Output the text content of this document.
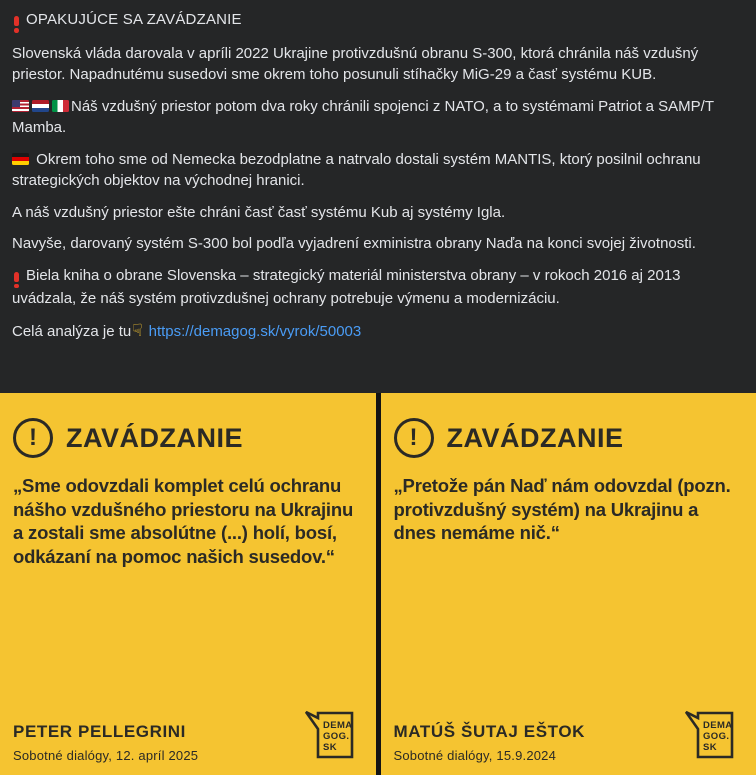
OPAKUJÚCE SA ZAVÁDZANIE

Slovenská vláda darovala v apríli 2022 Ukrajine protivzdušnú obranu S-300, ktorá chránila náš vzdušný priestor. Napadnutému susedovi sme okrem toho posunuli stíhačky MiG-29 a časť systému KUB.

Náš vzdušný priestor potom dva roky chránili spojenci z NATO, a to systémami Patriot a SAMP/T Mamba.

Okrem toho sme od Nemecka bezodplatne a natrvalo dostali systém MANTIS, ktorý posilnil ochranu strategických objektov na východnej hranici.

A náš vzdušný priestor ešte chráni časť časť systému Kub aj systémy Igla.

Navyše, darovaný systém S-300 bol podľa vyjadrení exministra obrany Naďa na konci svojej životnosti.

Biela kniha o obrane Slovenska – strategický materiál ministerstva obrany – v rokoch 2016 aj 2013 uvádzala, že náš systém protivzdušnej ochrany potrebuje výmenu a modernizáciu.

Celá analýza je tu☟ https://demagog.sk/vyrok/50003

!	ZAVÁDZANIE

„Sme odovzdali komplet celú ochranu nášho vzdušného priestoru na Ukrajinu a zostali sme absolútne (...) holí, bosí, odkázaní na pomoc našich susedov.“

PETER PELLEGRINI
Sobotné dialógy, 12. apríl 2025
DEMA
GOG.
SK
!	ZAVÁDZANIE

„Pretože pán Naď nám odovzdal (pozn. protivzdušný systém) na Ukrajinu a dnes nemáme nič.“

MATÚŠ ŠUTAJ EŠTOK
Sobotné dialógy, 15.9.2024
DEMA
GOG.
SK
